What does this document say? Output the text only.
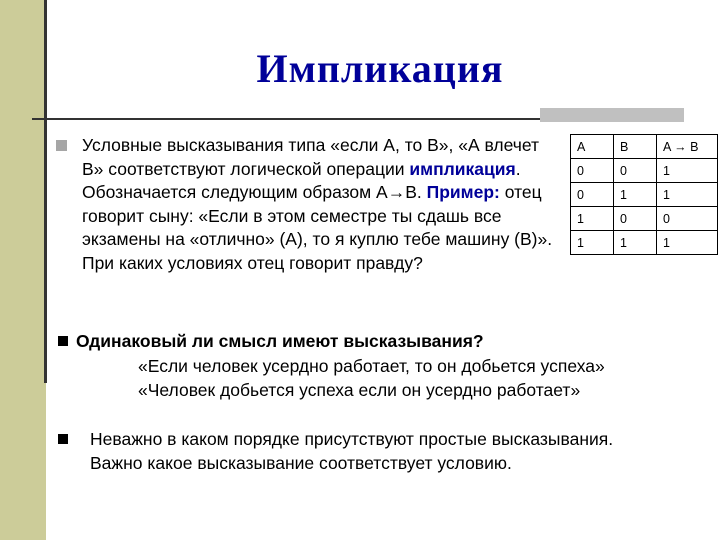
Импликация
Условные высказывания типа «если А, то В», «А влечет В» соответствуют логической операции импликация. Обозначается следующим образом А→В. Пример: отец говорит сыну: «Если в этом семестре ты сдашь все экзамены на «отлично» (А), то я куплю тебе машину (В)». При каких условиях отец говорит правду?
A	B	A → B
0	0	1
0	1	1
1	0	0
1	1	1
Одинаковый ли смысл имеют высказывания?
«Если человек усердно работает, то он добьется успеха»
«Человек добьется успеха если он усердно работает»
Неважно в каком порядке присутствуют простые высказывания.
Важно какое высказывание соответствует условию.
